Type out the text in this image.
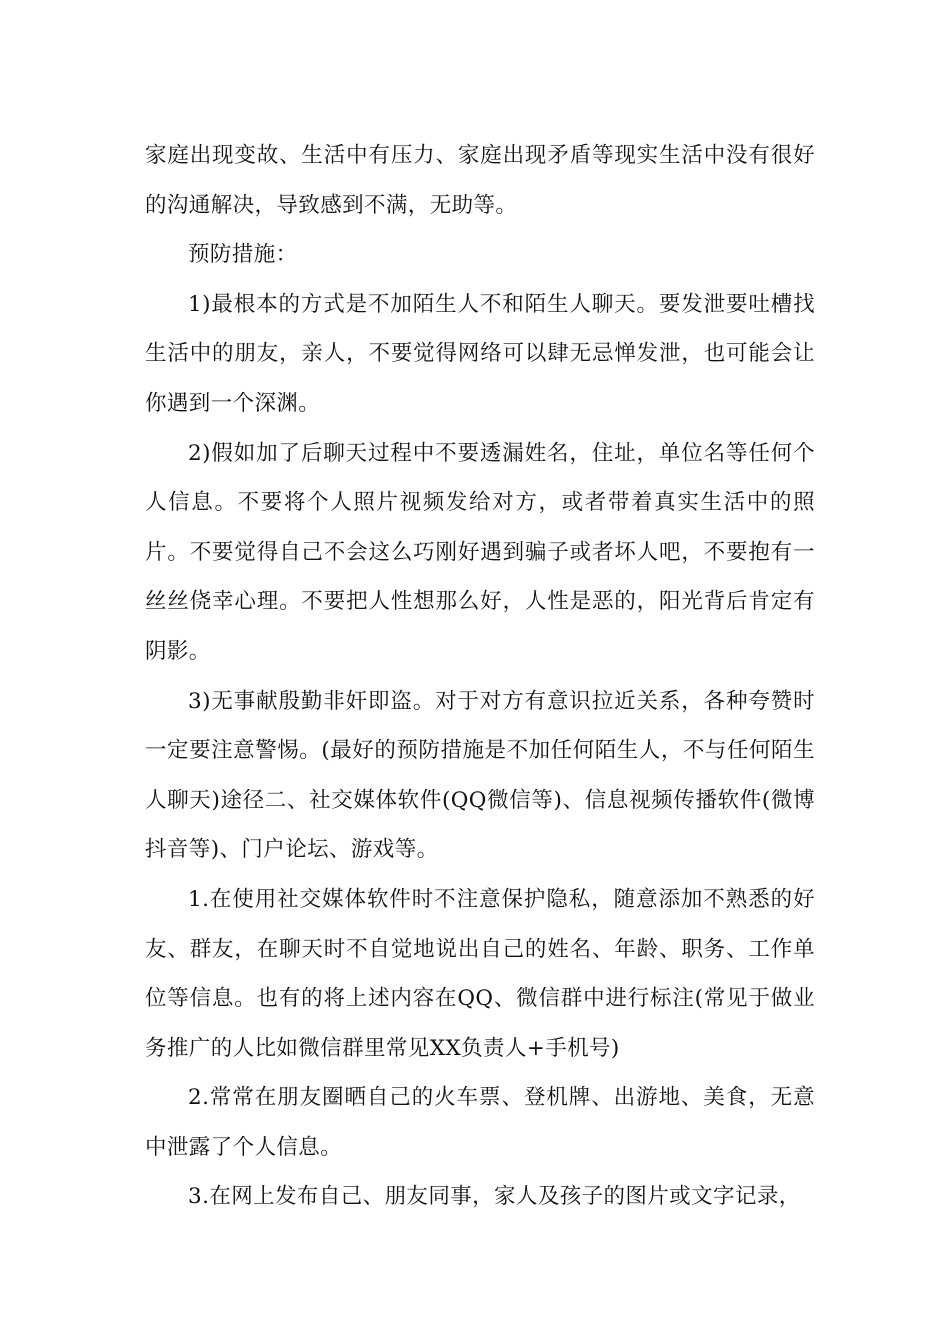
家庭出现变故、生活中有压力、家庭出现矛盾等现实生活中没有很好的沟通解决，导致感到不满，无助等。

预防措施：

1)最根本的方式是不加陌生人不和陌生人聊天。要发泄要吐槽找生活中的朋友，亲人，不要觉得网络可以肆无忌惮发泄，也可能会让你遇到一个深渊。

2)假如加了后聊天过程中不要透漏姓名，住址，单位名等任何个人信息。不要将个人照片视频发给对方，或者带着真实生活中的照片。不要觉得自己不会这么巧刚好遇到骗子或者坏人吧，不要抱有一丝丝侥幸心理。不要把人性想那么好，人性是恶的，阳光背后肯定有阴影。

3)无事献殷勤非奸即盗。对于对方有意识拉近关系，各种夸赞时一定要注意警惕。(最好的预防措施是不加任何陌生人，不与任何陌生人聊天)途径二、社交媒体软件(QQ微信等)、信息视频传播软件(微博抖音等)、门户论坛、游戏等。

1.在使用社交媒体软件时不注意保护隐私，随意添加不熟悉的好友、群友，在聊天时不自觉地说出自己的姓名、年龄、职务、工作单位等信息。也有的将上述内容在QQ、微信群中进行标注(常见于做业务推广的人比如微信群里常见XX负责人+手机号)

2.常常在朋友圈晒自己的火车票、登机牌、出游地、美食，无意中泄露了个人信息。

3.在网上发布自己、朋友同事，家人及孩子的图片或文字记录，
